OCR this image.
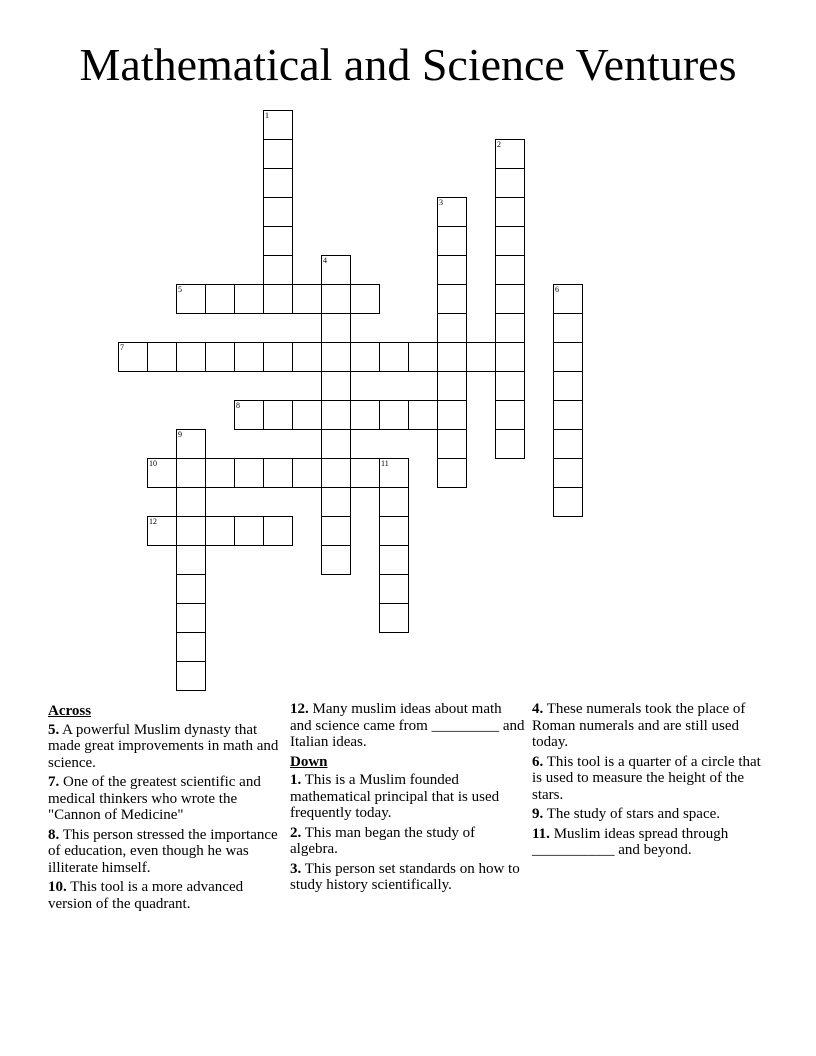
Mathematical and Science Ventures
1
2
3
4
5	6
7
8
9
10	11
12
Across
5. A powerful Muslim dynasty that made great improvements in math and science.
7. One of the greatest scientific and medical thinkers who wrote the "Cannon of Medicine"
8. This person stressed the importance of education, even though he was illiterate himself.
10. This tool is a more advanced version of the quadrant.
12. Many muslim ideas about math and science came from _________ and Italian ideas.
Down
1. This is a Muslim founded mathematical principal that is used frequently today.
2. This man began the study of algebra.
3. This person set standards on how to study history scientifically.
4. These numerals took the place of Roman numerals and are still used today.
6. This tool is a quarter of a circle that is used to measure the height of the stars.
9. The study of stars and space.
11. Muslim ideas spread through ___________ and beyond.
